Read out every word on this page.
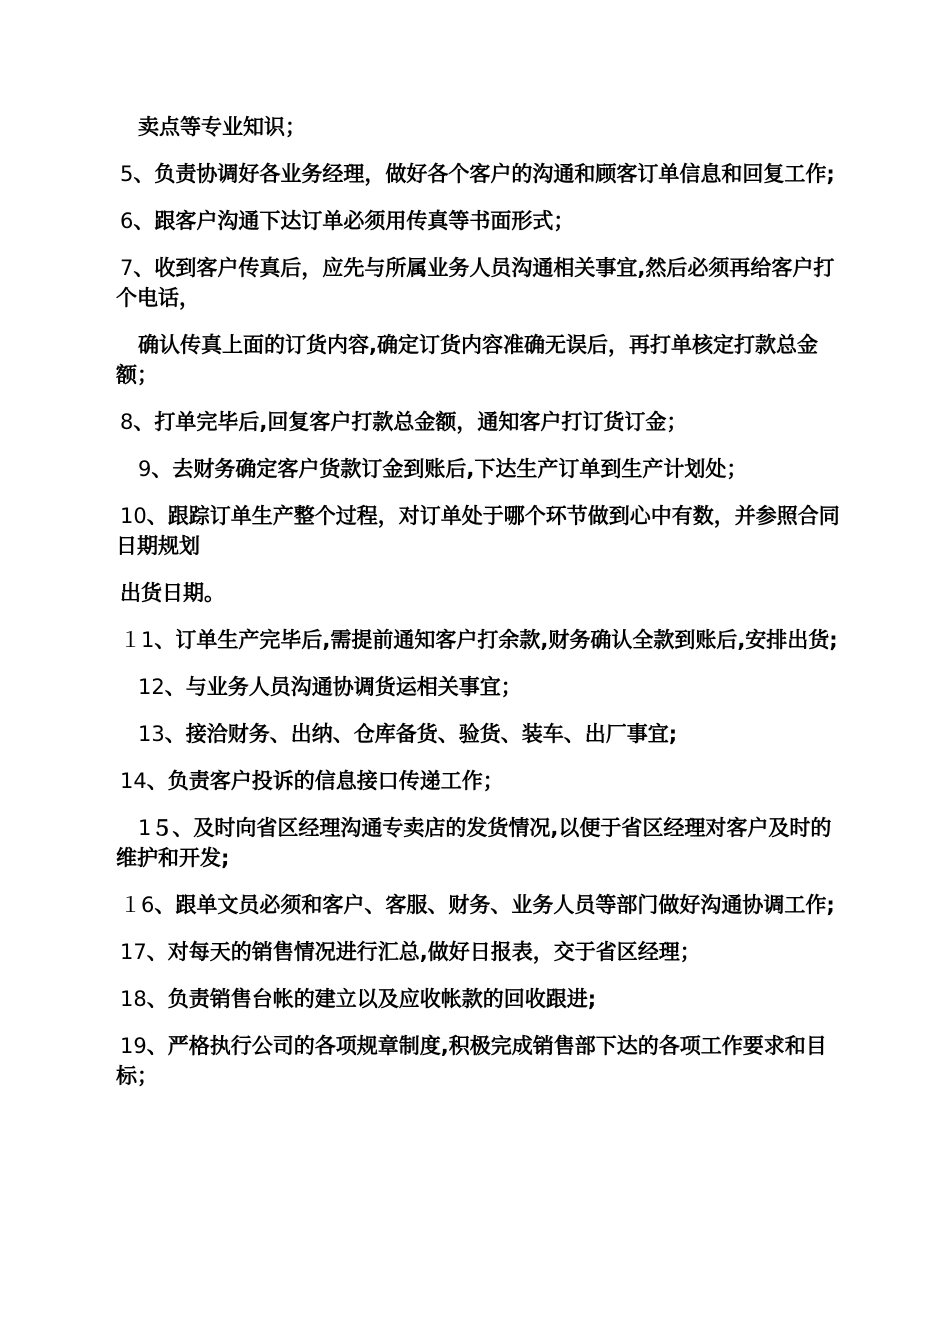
卖点等专业知识；

5、负责协调好各业务经理，做好各个客户的沟通和顾客订单信息和回复工作;

6、跟客户沟通下达订单必须用传真等书面形式；

7、收到客户传真后，应先与所属业务人员沟通相关事宜,然后必须再给客户打个电话，

确认传真上面的订货内容,确定订货内容准确无误后，再打单核定打款总金额；

8、打单完毕后,回复客户打款总金额，通知客户打订货订金；

9、去财务确定客户货款订金到账后,下达生产订单到生产计划处；

10、跟踪订单生产整个过程，对订单处于哪个环节做到心中有数，并参照合同日期规划

出货日期。

１1、订单生产完毕后,需提前通知客户打余款,财务确认全款到账后,安排出货;

12、与业务人员沟通协调货运相关事宜；

13、接洽财务、出纳、仓库备货、验货、装车、出厂事宜;

14、负责客户投诉的信息接口传递工作；

1５、及时向省区经理沟通专卖店的发货情况,以便于省区经理对客户及时的维护和开发;

１6、跟单文员必须和客户、客服、财务、业务人员等部门做好沟通协调工作;

17、对每天的销售情况进行汇总,做好日报表，交于省区经理；

18、负责销售台帐的建立以及应收帐款的回收跟进;

19、严格执行公司的各项规章制度,积极完成销售部下达的各项工作要求和目标；
